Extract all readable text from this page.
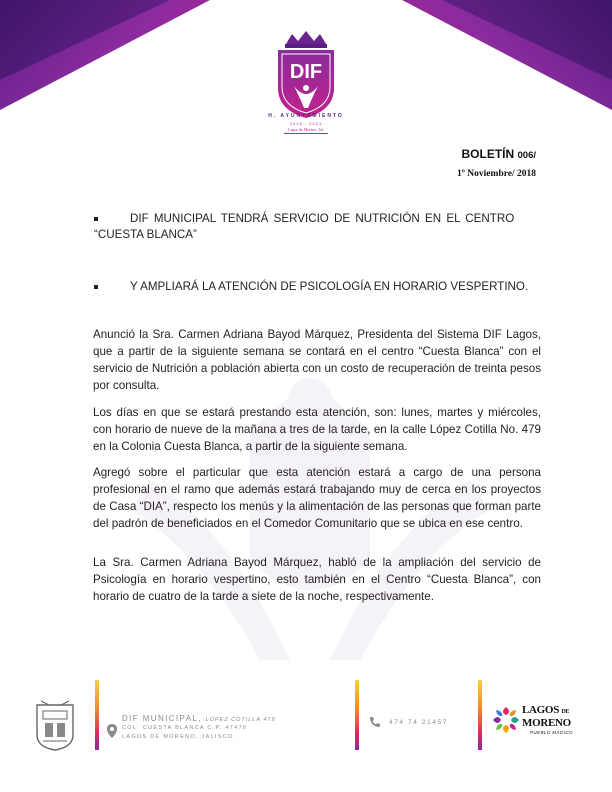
DIF
H. AYUNTAMIENTO
2018 - 2021
Lagos de Moreno, Jal.
BOLETÍN 006/
1º Noviembre/ 2018
DIF MUNICIPAL TENDRÁ SERVICIO DE NUTRICIÓN EN EL CENTRO
“CUESTA BLANCA”
Y AMPLIARÁ LA ATENCIÓN DE PSICOLOGÍA EN HORARIO VESPERTINO.

Anunció la Sra. Carmen Adriana Bayod Márquez, Presidenta del Sistema DIF Lagos, que a partir de la siguiente semana se contará en el centro “Cuesta Blanca” con el servicio de Nutrición a población abierta con un costo de recuperación de treinta pesos por consulta.

Los días en que se estará prestando esta atención, son: lunes, martes y miércoles, con horario de nueve de la mañana a tres de la tarde, en la calle López Cotilla No. 479 en la Colonia Cuesta Blanca, a partir de la siguiente semana.

Agregó sobre el particular que esta atención estará a cargo de una persona profesional en el ramo que además estará trabajando muy de cerca en los proyectos de Casa “DIA”, respecto los menús y la alimentación de las personas que forman parte del padrón de beneficiados en el Comedor Comunitario que se ubica en ese centro.

La Sra. Carmen Adriana Bayod Márquez, habló de la ampliación del servicio de Psicología en horario vespertino, esto también en el Centro “Cuesta Blanca”, con horario de cuatro de la tarde a siete de la noche, respectivamente.

DIF MUNICIPAL, LOPEZ COTILLA 479
COL. CUESTA BLANCA C.P. 47479
LAGOS DE MORENO, JALISCO.
474 74 21457
LAGOS DE
MORENO
PUEBLO MÁGICO
